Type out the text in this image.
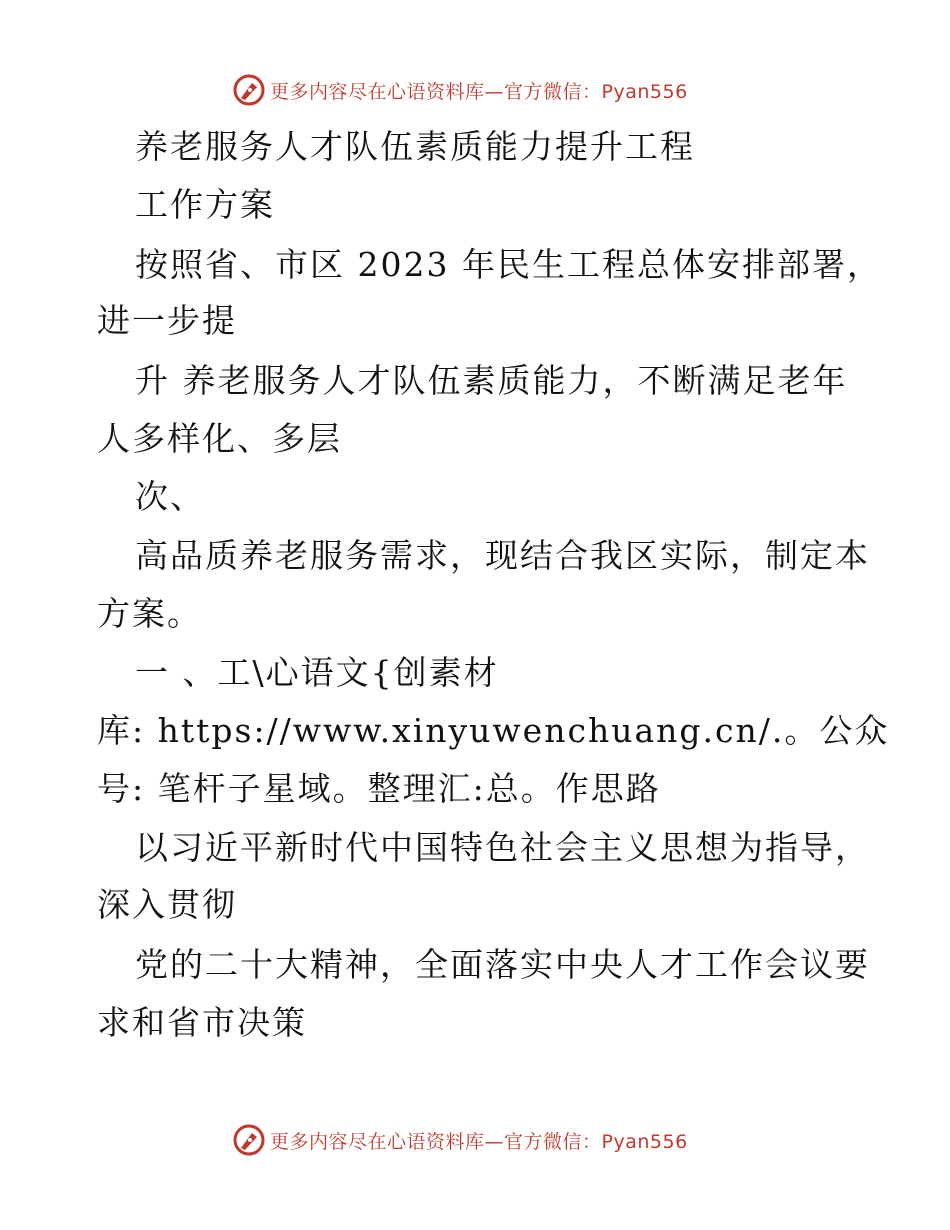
更多内容尽在心语资料库—官方微信：Pyan556
养老服务人才队伍素质能力提升工程
工作方案
按照省、市区 2023 年民生工程总体安排部署，
进一步提
升 养老服务人才队伍素质能力，不断满足老年
人多样化、多层
次、
高品质养老服务需求，现结合我区实际，制定本
方案。
一 、工\心语文{创素材
库: https://www.xinyuwenchuang.cn/.。公众
号: 笔杆子星域。整理汇:总。作思路
以习近平新时代中国特色社会主义思想为指导，
深入贯彻
党的二十大精神，全面落实中央人才工作会议要
求和省市决策
更多内容尽在心语资料库—官方微信：Pyan556
